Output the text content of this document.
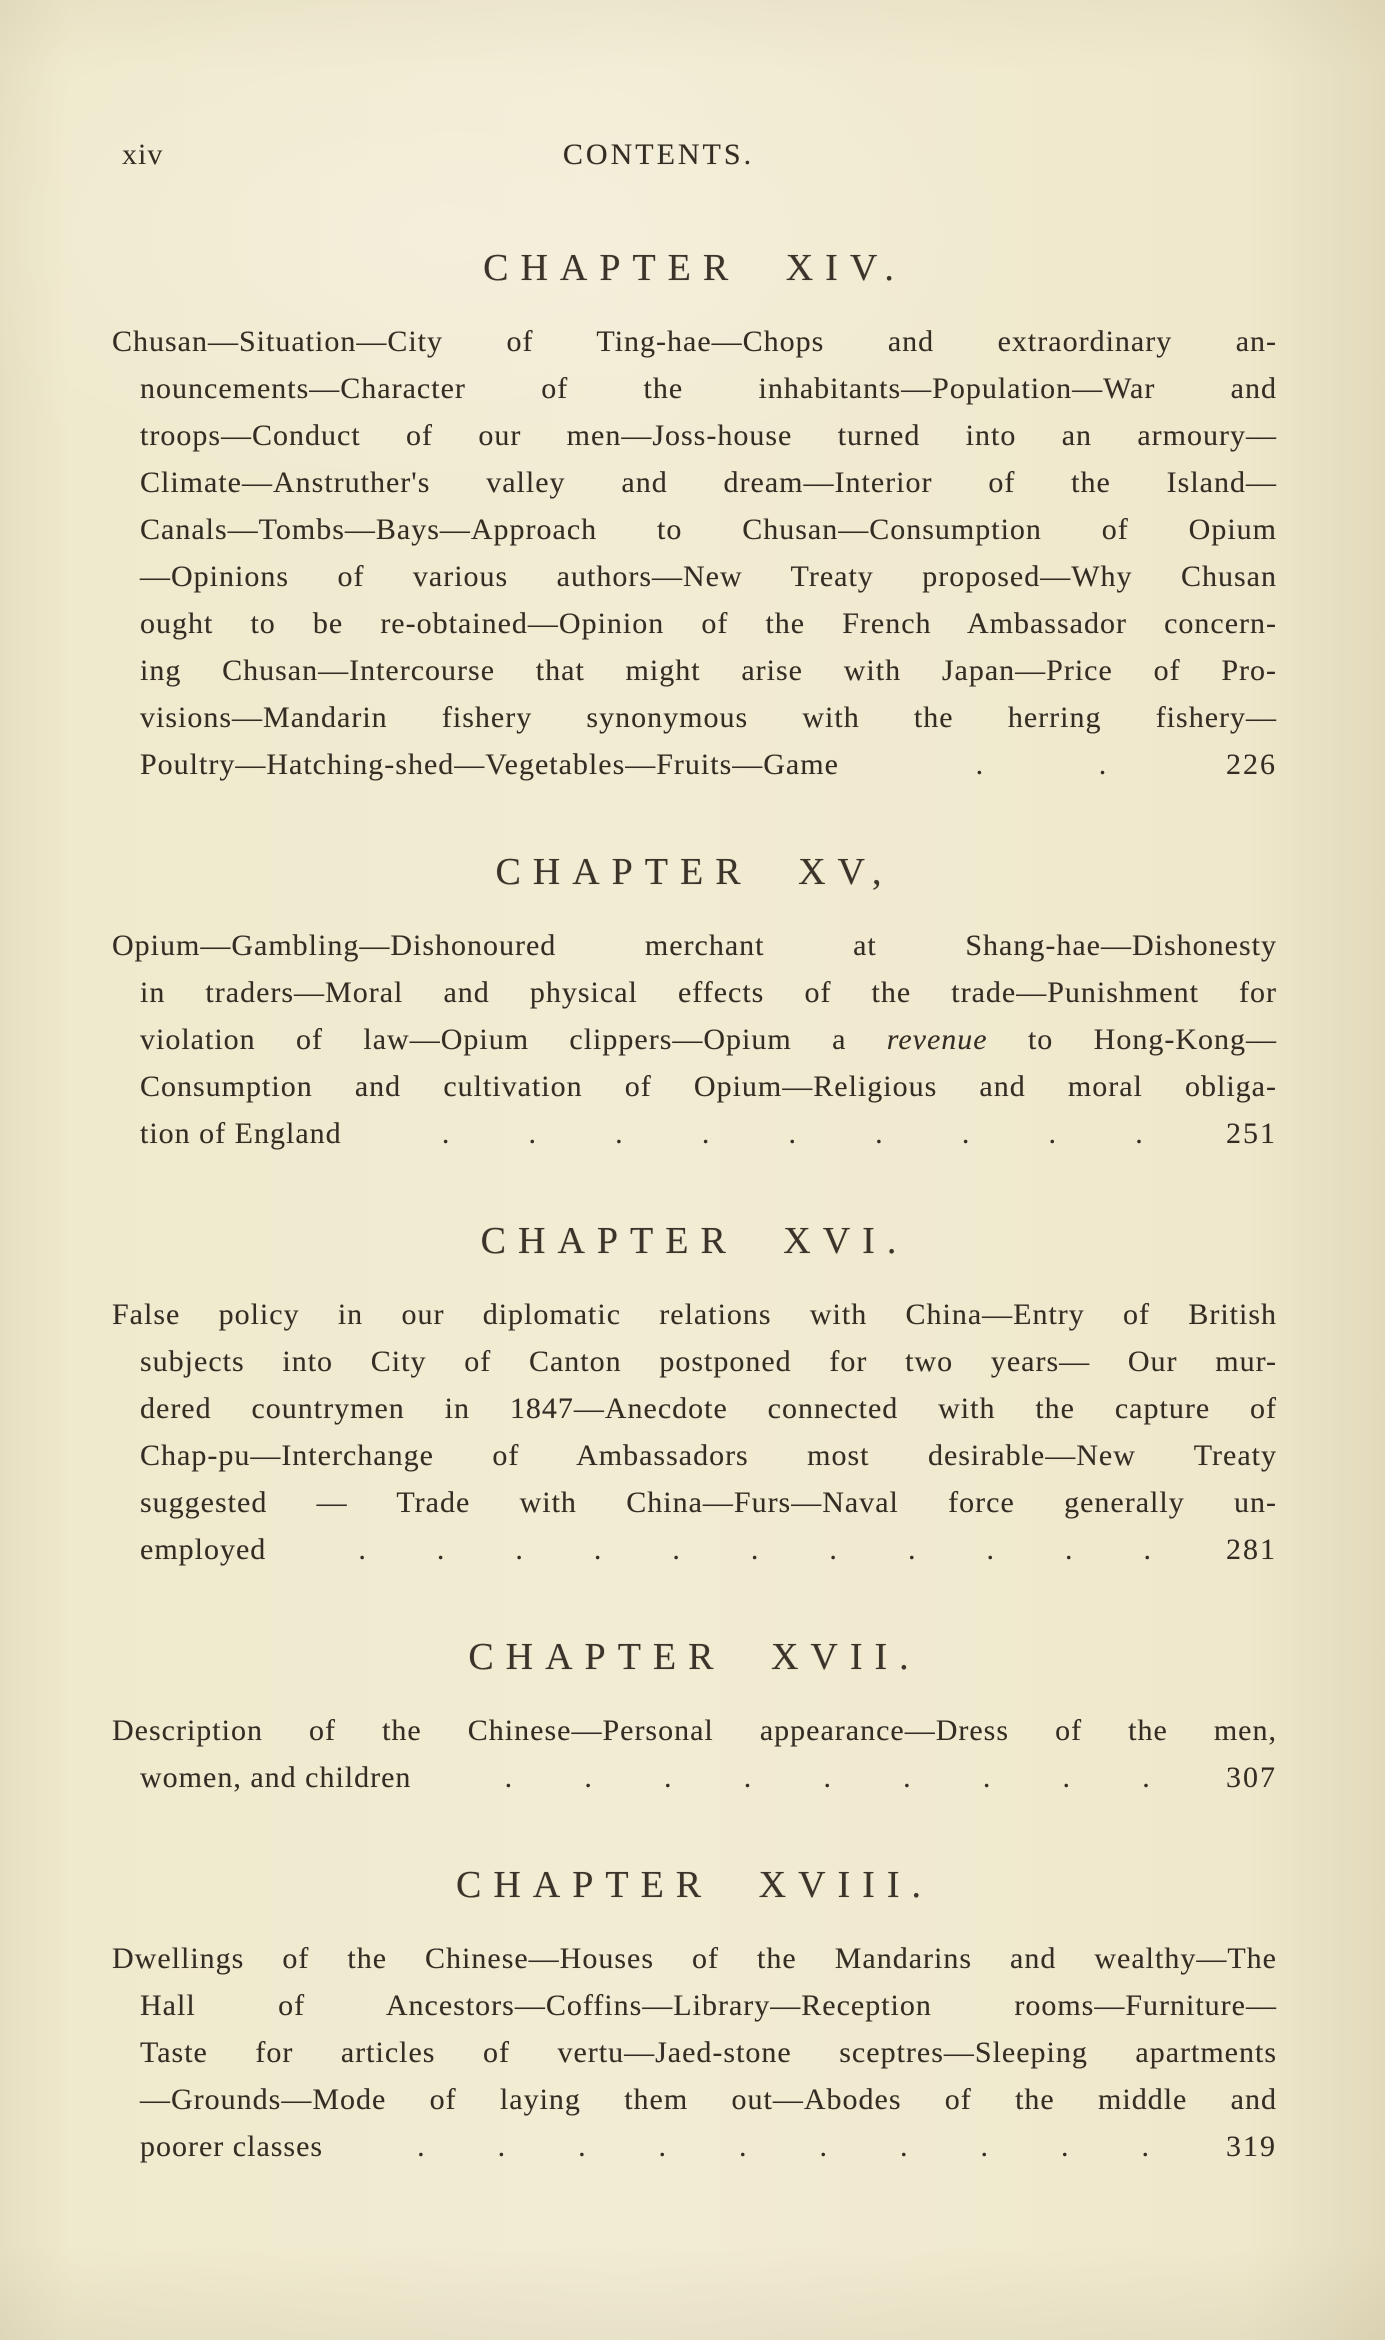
xiv	CONTENTS.
CHAPTER XIV.
Chusan—Situation—City of Ting-hae—Chops and extraordinary an-
nouncements—Character of the inhabitants—Population—War and
troops—Conduct of our men—Joss-house turned into an armoury—
Climate—Anstruther's valley and dream—Interior of the Island—
Canals—Tombs—Bays—Approach to Chusan—Consumption of Opium
—Opinions of various authors—New Treaty proposed—Why Chusan
ought to be re-obtained—Opinion of the French Ambassador concern-
ing Chusan—Intercourse that might arise with Japan—Price of Pro-
visions—Mandarin fishery synonymous with the herring fishery—
Poultry—Hatching-shed—Vegetables—Fruits—Game	.	.	226
CHAPTER XV,
Opium—Gambling—Dishonoured merchant at Shang-hae—Dishonesty
in traders—Moral and physical effects of the trade—Punishment for
violation of law—Opium clippers—Opium a revenue to Hong-Kong—
Consumption and cultivation of Opium—Religious and moral obliga-
tion of England	.	.	.	.	.	.	.	.	.	251
CHAPTER XVI.
False policy in our diplomatic relations with China—Entry of British
subjects into City of Canton postponed for two years— Our mur-
dered countrymen in 1847—Anecdote connected with the capture of
Chap-pu—Interchange of Ambassadors most desirable—New Treaty
suggested — Trade with China—Furs—Naval force generally un-
employed	. . . . . . . . . . . 281
CHAPTER XVII.
Description of the Chinese—Personal appearance—Dress of the men,
women, and children	. . . . . . . . .	307
CHAPTER XVIII.
Dwellings of the Chinese—Houses of the Mandarins and wealthy—The
Hall of Ancestors—Coffins—Library—Reception rooms—Furniture—
Taste for articles of vertu—Jaed-stone sceptres—Sleeping apartments
—Grounds—Mode of laying them out—Abodes of the middle and
poorer classes	. . . . . . . . . .	319
